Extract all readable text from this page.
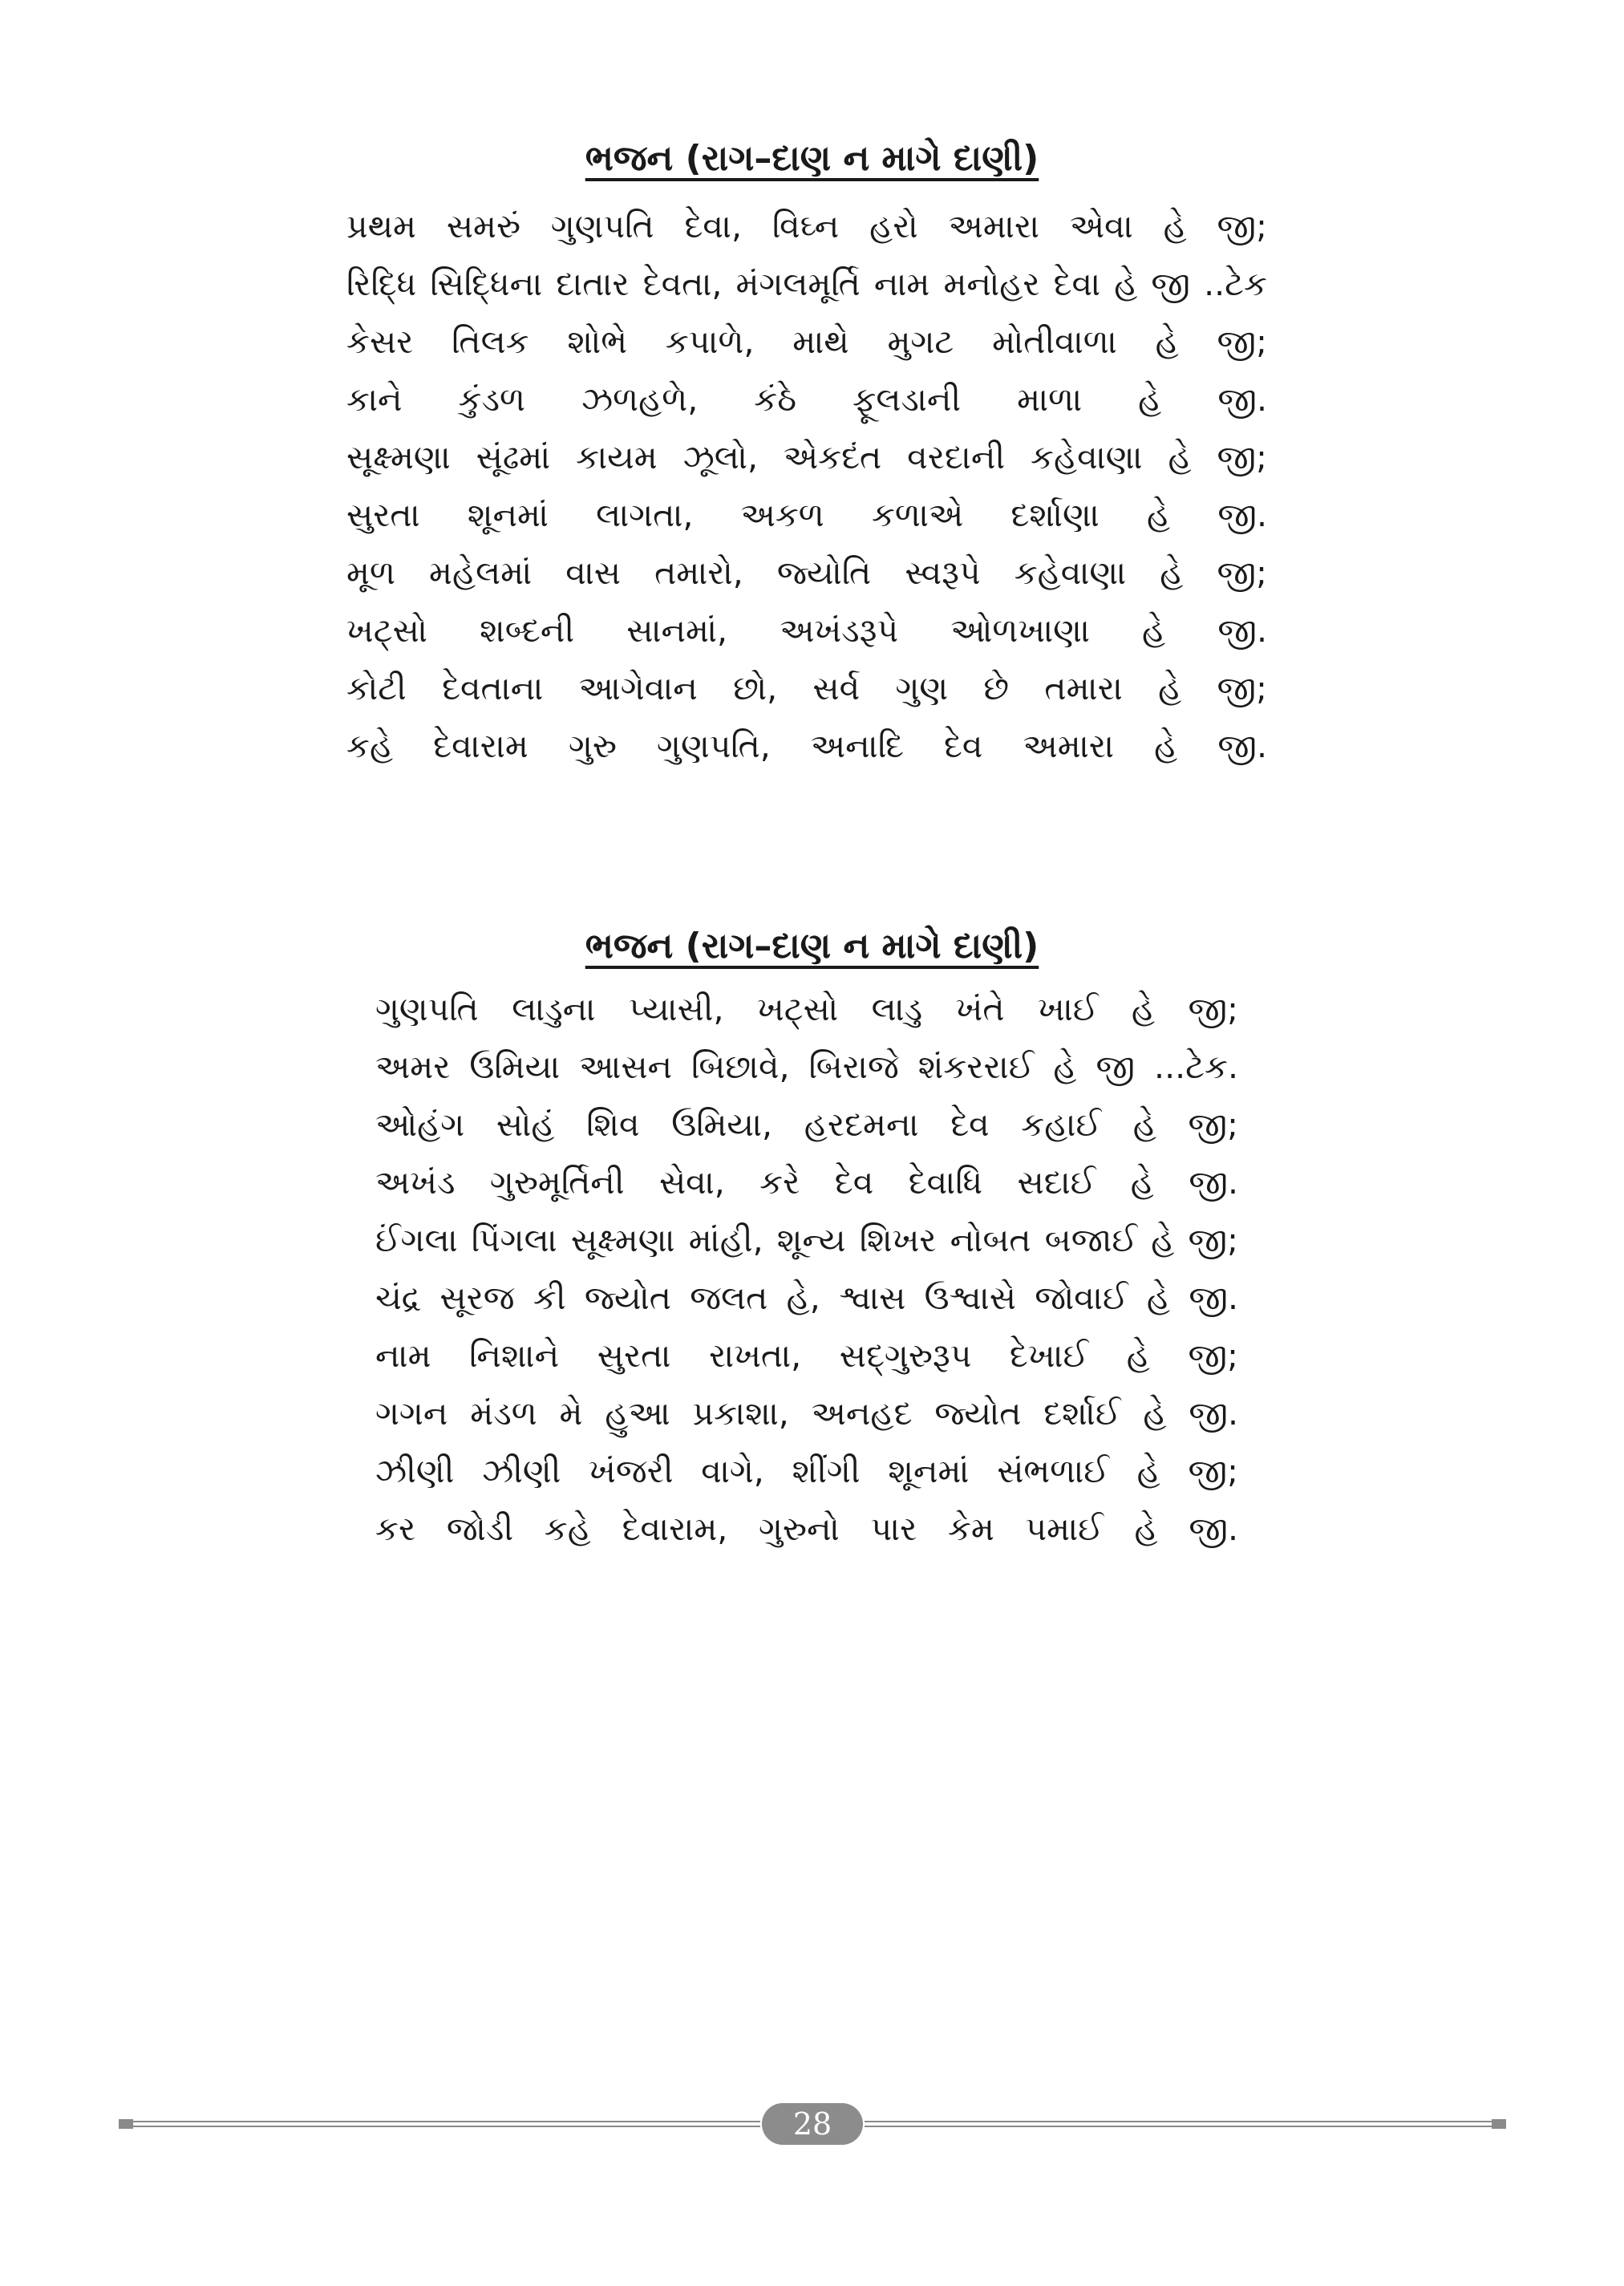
ભજન (રાગ–દાણ ન માગે દાણી)
પ્રથમ સમરું ગુણપતિ દેવા, વિઘ્ન હરો અમારા એવા હે જી;
રિદ્ધિ સિદ્ધિના દાતાર દેવતા, મંગલમૂર્તિ નામ મનોહર દેવા હે જી ..ટેક
કેસર તિલક શોભે કપાળે, માથે મુગટ મોતીવાળા હે જી;
કાને કુંડળ ઝળહળે, કંઠે ફૂલડાની માળા હે જી.
સૂક્ષ્મણા સૂંઢમાં કાયમ ઝૂલો, એકદંત વરદાની કહેવાણા હે જી;
સુરતા શૂનમાં લાગતા, અકળ કળાએ દર્શાણા હે જી.
મૂળ મહેલમાં વાસ તમારો, જ્યોતિ સ્વરૂપે કહેવાણા હે જી;
ખટ્સો શબ્દની સાનમાં, અખંડરૂપે ઓળખાણા હે જી.
કોટી દેવતાના આગેવાન છો, સર્વ ગુણ છે તમારા હે જી;
કહે દેવારામ ગુરુ ગુણપતિ, અનાદિ દેવ અમારા હે જી.
ભજન (રાગ–દાણ ન માગે દાણી)
ગુણપતિ લાડુના પ્યાસી, ખટ્સો લાડુ ખંતે ખાઈ હે જી;
અમર ઉમિયા આસન બિછાવે, બિરાજે શંકરરાઈ હે જી ...ટેક.
ઓહંગ સોહં શિવ ઉમિયા, હરદમના દેવ કહાઈ હે જી;
અખંડ ગુરુમૂર્તિની સેવા, કરે દેવ દેવાધિ સદાઈ હે જી.
ઈંગલા પિંગલા સૂક્ષ્મણા માંહી, શૂન્ય શિખર નોબત બજાઈ હે જી;
ચંદ્ર સૂરજ કી જ્યોત જલત હે, શ્વાસ ઉશ્વાસે જોવાઈ હે જી.
નામ નિશાને સુરતા રાખતા, સદ્ગુરુરૂપ દેખાઈ હે જી;
ગગન મંડળ મે હુઆ પ્રકાશા, અનહદ જ્યોત દર્શાઈ હે જી.
ઝીણી ઝીણી ખંજરી વાગે, શીંગી શૂનમાં સંભળાઈ હે જી;
કર જોડી કહે દેવારામ, ગુરુનો પાર કેમ પમાઈ હે જી.
28
